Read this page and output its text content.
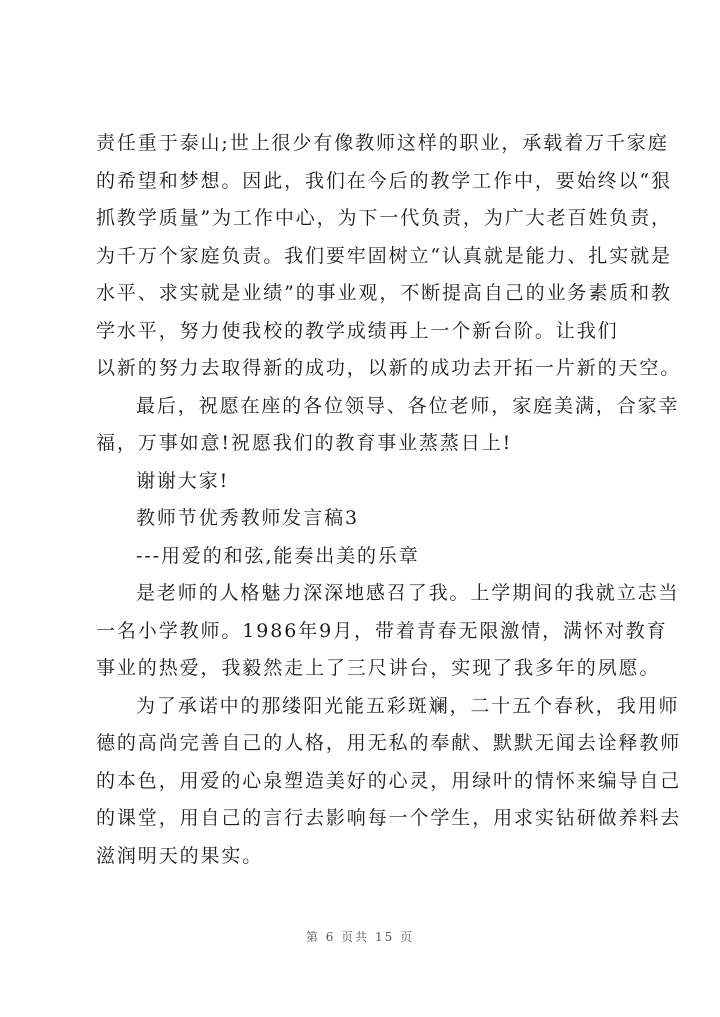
责任重于泰山;世上很少有像教师这样的职业，承载着万千家庭
的希望和梦想。因此，我们在今后的教学工作中，要始终以“狠
抓教学质量”为工作中心，为下一代负责，为广大老百姓负责，
为千万个家庭负责。我们要牢固树立“认真就是能力、扎实就是
水平、求实就是业绩”的事业观，不断提高自己的业务素质和教
学水平，努力使我校的教学成绩再上一个新台阶。让我们
以新的努力去取得新的成功，以新的成功去开拓一片新的天空。
最后，祝愿在座的各位领导、各位老师，家庭美满，合家幸
福，万事如意!祝愿我们的教育事业蒸蒸日上!
谢谢大家!
教师节优秀教师发言稿3
---用爱的和弦,能奏出美的乐章
是老师的人格魅力深深地感召了我。上学期间的我就立志当
一名小学教师。1986年9月，带着青春无限激情，满怀对教育
事业的热爱，我毅然走上了三尺讲台，实现了我多年的夙愿。
为了承诺中的那缕阳光能五彩斑斓，二十五个春秋，我用师
德的高尚完善自己的人格，用无私的奉献、默默无闻去诠释教师
的本色，用爱的心泉塑造美好的心灵，用绿叶的情怀来编导自己
的课堂，用自己的言行去影响每一个学生，用求实钻研做养料去
滋润明天的果实。
第 6 页共 15 页
